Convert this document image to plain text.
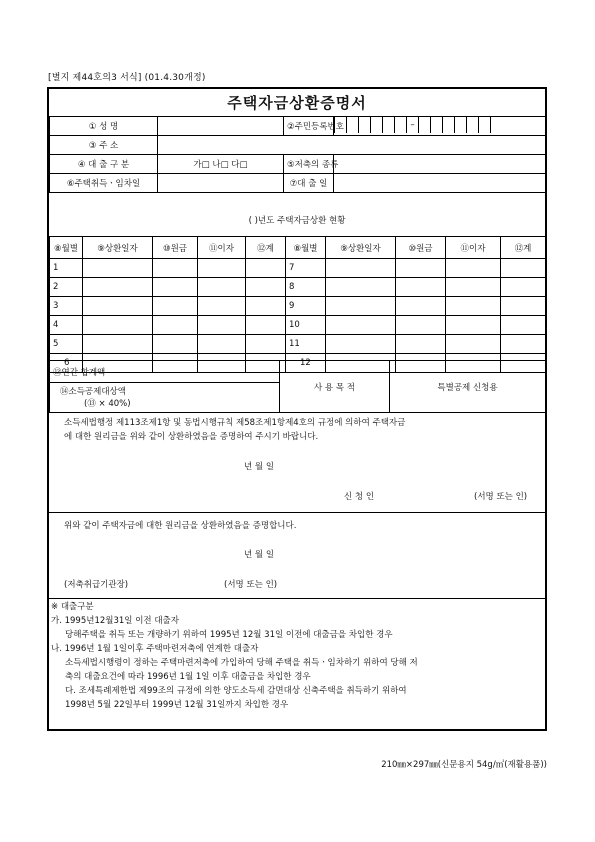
[별지 제44호의3 서식] (01.4.30개정)
주택자금상환증명서
① 성 명		②주민등록번호	–

③ 주 소			
④ 대 출 구 분	가□ 나□ 다□	⑤저축의 종류	
⑥주택취득ㆍ임차일		⑦대 출 일	
( )년도 주택자금상환 현황
⑧월별	⑨상환일자	⑩원금	⑪이자	⑫계	⑧월별	⑨상환일자	⑩원금	⑪이자	⑫계
1					7				
2					8				
3					9				
4					10				
5					11				
6					12				
⑬연간 합계액	사 용 목 적	특별공제 신청용

⑭소득공제대상액
(⑬ × 40%)
소득세법행정 제113조제1항 및 동법시행규칙 제58조제1항제4호의 규정에 의하여 주택자금
에 대한 원리금을 위와 같이 상환하였음을 증명하여 주시기 바랍니다.
년 월 일
신 청 인	(서명 또는 인)
위와 같이 주택자금에 대한 원리금을 상환하였음을 증명합니다.
년 월 일
(저축취급기관장)	(서명 또는 인)
※ 대출구분
가. 1995년12월31일 이전 대출자
당해주택을 취득 또는 개량하기 위하여 1995년 12월 31일 이전에 대출금을 차입한 경우
나. 1996년 1월 1일이후 주택마련저축에 연계한 대출자
소득세법시행령이 정하는 주택마련저축에 가입하여 당해 주택을 취득ㆍ임차하기 위하여 당해 저
축의 대출요건에 따라 1996년 1월 1일 이후 대출금을 차입한 경우
다. 조세특례제한법 제99조의 규정에 의한 양도소득세 감면대상 신축주택을 취득하기 위하여
1998년 5월 22일부터 1999년 12월 31일까지 차입한 경우
210㎜×297㎜(신문용지 54g/㎡(재활용품))
